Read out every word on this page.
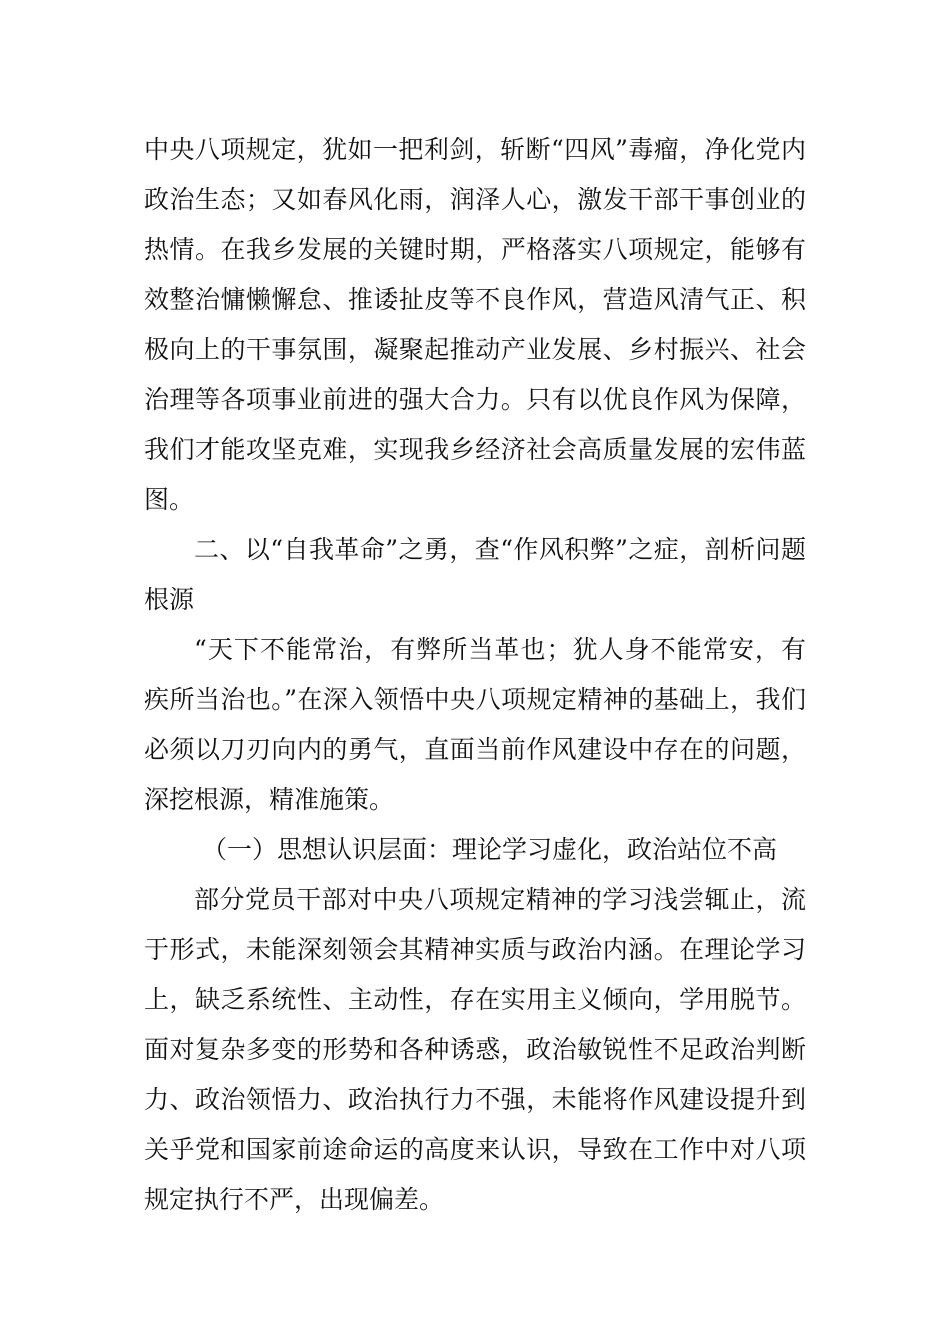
中央八项规定，犹如一把利剑，斩断“四风”毒瘤，净化党内政治生态；又如春风化雨，润泽人心，激发干部干事创业的热情。在我乡发展的关键时期，严格落实八项规定，能够有效整治慵懒懈怠、推诿扯皮等不良作风，营造风清气正、积极向上的干事氛围，凝聚起推动产业发展、乡村振兴、社会治理等各项事业前进的强大合力。只有以优良作风为保障，我们才能攻坚克难，实现我乡经济社会高质量发展的宏伟蓝图。

二、以“自我革命”之勇，查“作风积弊”之症，剖析问题根源

“天下不能常治，有弊所当革也；犹人身不能常安，有疾所当治也。”在深入领悟中央八项规定精神的基础上，我们必须以刀刃向内的勇气，直面当前作风建设中存在的问题，深挖根源，精准施策。

（一）思想认识层面：理论学习虚化，政治站位不高

部分党员干部对中央八项规定精神的学习浅尝辄止，流于形式，未能深刻领会其精神实质与政治内涵。在理论学习上，缺乏系统性、主动性，存在实用主义倾向，学用脱节。面对复杂多变的形势和各种诱惑，政治敏锐性不足政治判断力、政治领悟力、政治执行力不强，未能将作风建设提升到关乎党和国家前途命运的高度来认识，导致在工作中对八项规定执行不严，出现偏差。
